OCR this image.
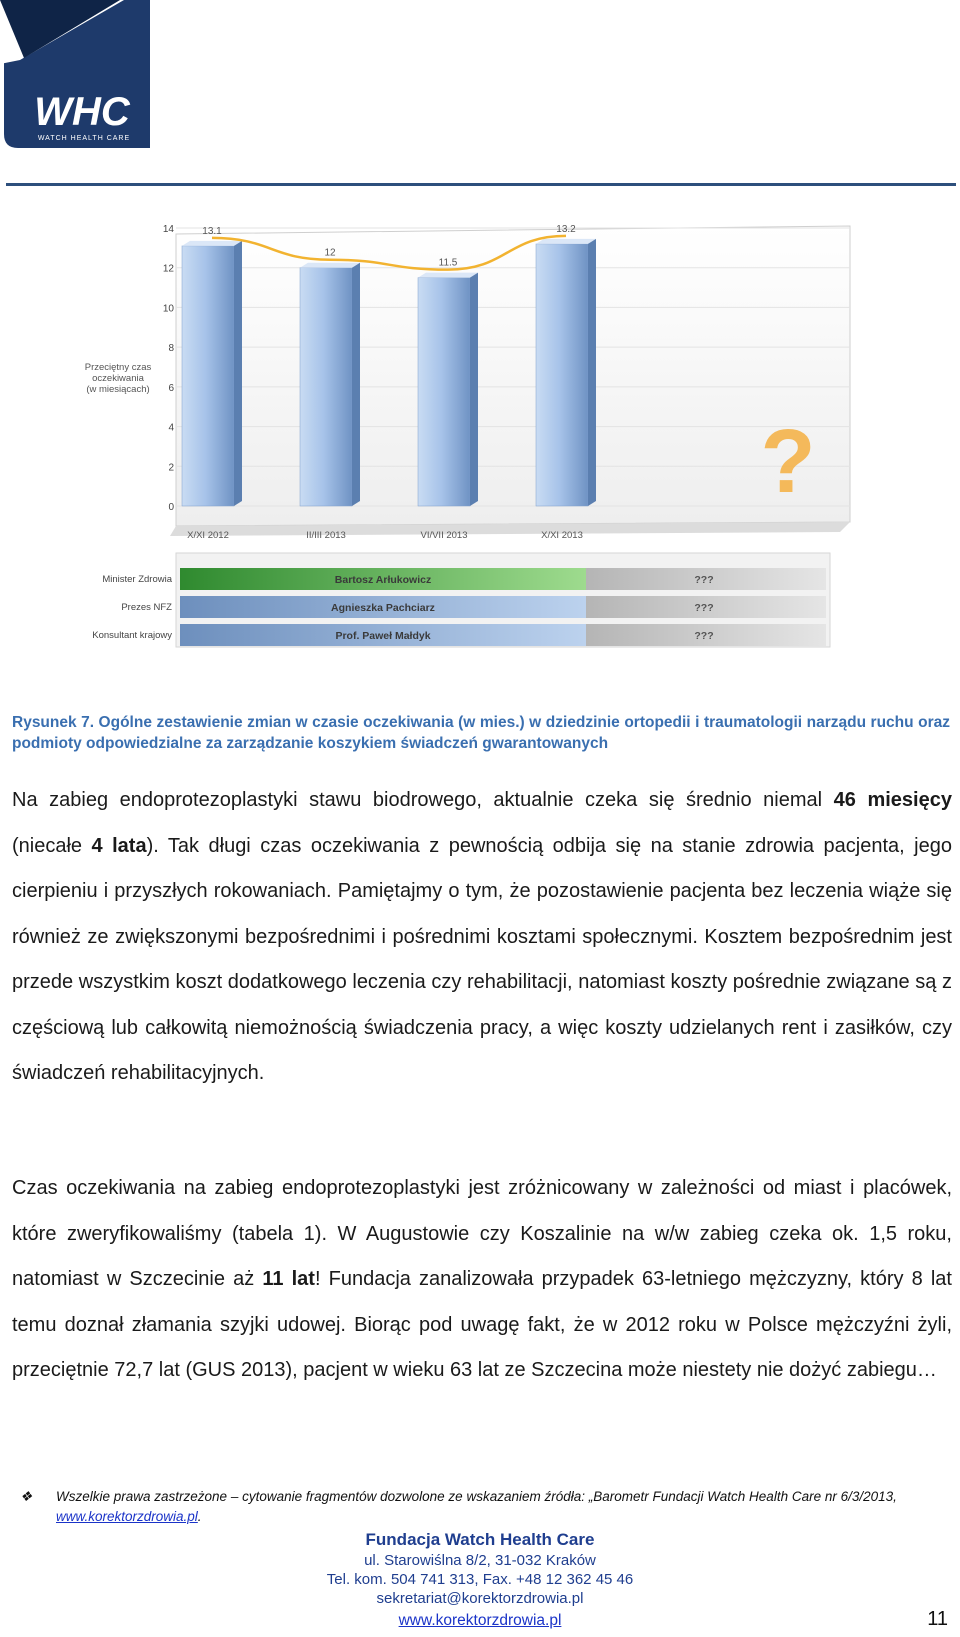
WHC
WATCH HEALTH CARE
0
2
4
6
8
10
12
14	13.1
12
11.5
13.2
X/XI 2012	II/III 2013	VI/VII 2013	X/XI 2013
Przeciętny czas
oczekiwania
(w miesiącach)
?
Minister Zdrowia	Bartosz Arłukowicz	???
Prezes NFZ	Agnieszka Pachciarz	???
Konsultant krajowy	Prof. Paweł Małdyk	???
Rysunek 7. Ogólne zestawienie zmian w czasie oczekiwania (w mies.) w dziedzinie ortopedii i traumatologii narządu ruchu oraz podmioty odpowiedzialne za zarządzanie koszykiem świadczeń gwarantowanych
Na zabieg endoprotezoplastyki stawu biodrowego, aktualnie czeka się średnio niemal 46 miesięcy (niecałe 4 lata). Tak długi czas oczekiwania z pewnością odbija się na stanie zdrowia pacjenta, jego cierpieniu i przyszłych rokowaniach. Pamiętajmy o tym, że pozostawienie pacjenta bez leczenia wiąże się również ze zwiększonymi bezpośrednimi i pośrednimi kosztami społecznymi. Kosztem bezpośrednim jest przede wszystkim koszt dodatkowego leczenia czy rehabilitacji, natomiast koszty pośrednie związane są z częściową lub całkowitą niemożnością świadczenia pracy, a więc koszty udzielanych rent i zasiłków, czy świadczeń rehabilitacyjnych.
Czas oczekiwania na zabieg endoprotezoplastyki jest zróżnicowany w zależności od miast i placówek, które zweryfikowaliśmy (tabela 1). W Augustowie czy Koszalinie na w/w zabieg czeka ok. 1,5 roku, natomiast w Szczecinie aż 11 lat! Fundacja zanalizowała przypadek 63-letniego mężczyzny, który 8 lat temu doznał złamania szyjki udowej. Biorąc pod uwagę fakt, że w 2012 roku w Polsce mężczyźni żyli, przeciętnie 72,7 lat (GUS 2013), pacjent w wieku 63 lat ze Szczecina może niestety nie dożyć zabiegu…
❖ Wszelkie prawa zastrzeżone – cytowanie fragmentów dozwolone ze wskazaniem źródła: „Barometr Fundacji Watch Health Care nr 6/3/2013, www.korektorzdrowia.pl.
Fundacja Watch Health Care
ul. Starowiślna 8/2, 31-032 Kraków
Tel. kom. 504 741 313, Fax. +48 12 362 45 46
sekretariat@korektorzdrowia.pl
www.korektorzdrowia.pl	11
